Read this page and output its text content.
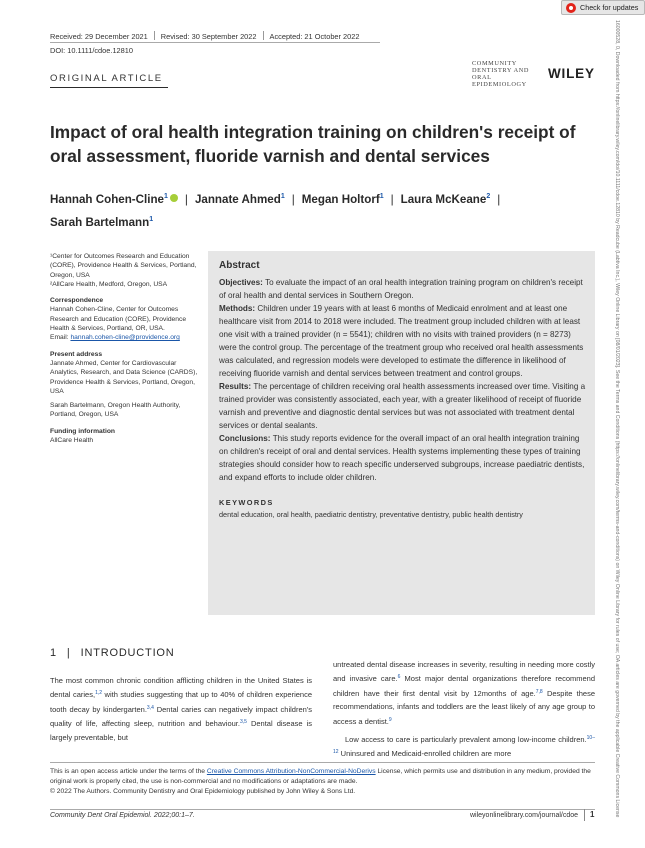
Check for updates
Received: 29 December 2021 Revised: 30 September 2022 Accepted: 21 October 2022
DOI: 10.1111/cdoe.12810
ORIGINAL ARTICLE
COMMUNITY
DENTISTRY AND
ORAL EPIDEMIOLOGY
WILEY
Impact of oral health integration training on children's receipt of oral assessment, fluoride varnish and dental services
Hannah Cohen-Cline$^1$ | Jannate Ahmed$^1$ | Megan Holtorf$^1$ | Laura McKeane$^2$ |
Sarah Bartelmann$^1$

¹Center for Outcomes Research and Education (CORE), Providence Health & Services, Portland, Oregon, USA

²AllCare Health, Medford, Oregon, USA

Correspondence

Hannah Cohen-Cline, Center for Outcomes Research and Education (CORE), Providence Health & Services, Portland, OR, USA.

Email: hannah.cohen-cline@providence.org

Present address

Jannate Ahmed, Center for Cardiovascular Analytics, Research, and Data Science (CARDS), Providence Health & Services, Portland, Oregon, USA

Sarah Bartelmann, Oregon Health Authority, Portland, Oregon, USA

Funding information

AllCare Health

Abstract

Objectives: To evaluate the impact of an oral health integration training program on children's receipt of oral health and dental services in Southern Oregon.

Methods: Children under 19 years with at least 6 months of Medicaid enrolment and at least one healthcare visit from 2014 to 2018 were included. The treatment group included children with at least one visit with a trained provider (n = 5541); children with no visits with trained providers (n = 8273) were the control group. The percentage of the treatment group who received oral health assessments was calculated, and regression models were developed to estimate the difference in likelihood of receiving fluoride varnish and dental services between treatment and control groups.

Results: The percentage of children receiving oral health assessments increased over time. Visiting a trained provider was consistently associated, each year, with a greater likelihood of receipt of fluoride varnish and preventive and diagnostic dental services but was not associated with treatment dental services or dental sealants.

Conclusions: This study reports evidence for the overall impact of an oral health integration training on children's receipt of oral and dental services. Health systems implementing these types of training strategies should consider how to reach specific underserved subgroups, increase paediatric dentists, and expand efforts to include older children.

KEYWORDS
dental education, oral health, paediatric dentistry, preventative dentistry, public health dentistry
1 | INTRODUCTION
The most common chronic condition afflicting children in the United States is dental caries,$^{1,2}$ with studies suggesting that up to 40% of children experience tooth decay by kindergarten.$^{3,4}$ Dental caries can negatively impact children's quality of life, affecting sleep, nutrition and behaviour.$^{3,5}$ Dental disease is largely preventable, but
untreated dental disease increases in severity, resulting in needing more costly and invasive care.$^6$ Most major dental organizations therefore recommend children have their first dental visit by 12months of age.$^{7,8}$ Despite these recommendations, infants and toddlers are the least likely of any age group to access a dentist.$^9$
Low access to care is particularly prevalent among low-income children.$^{10-12}$ Uninsured and Medicaid-enrolled children are more
This is an open access article under the terms of the Creative Commons Attribution-NonCommercial-NoDerivs License, which permits use and distribution in any medium, provided the original work is properly cited, the use is non-commercial and no modifications or adaptations are made.
© 2022 The Authors. Community Dentistry and Oral Epidemiology published by John Wiley & Sons Ltd.
Community Dent Oral Epidemiol. 2022;00:1–7.	wileyonlinelibrary.com/journal/cdoe 1	16000528, 0, Downloaded from https://onlinelibrary.wiley.com/doi/10.1111/cdoe.12810 by Readcube (Labtiva Inc.), Wiley Online Library on [08/01/2023]. See the Terms and Conditions (https://onlinelibrary.wiley.com/terms-and-conditions) on Wiley Online Library for rules of use; OA articles are governed by the applicable Creative Commons License
